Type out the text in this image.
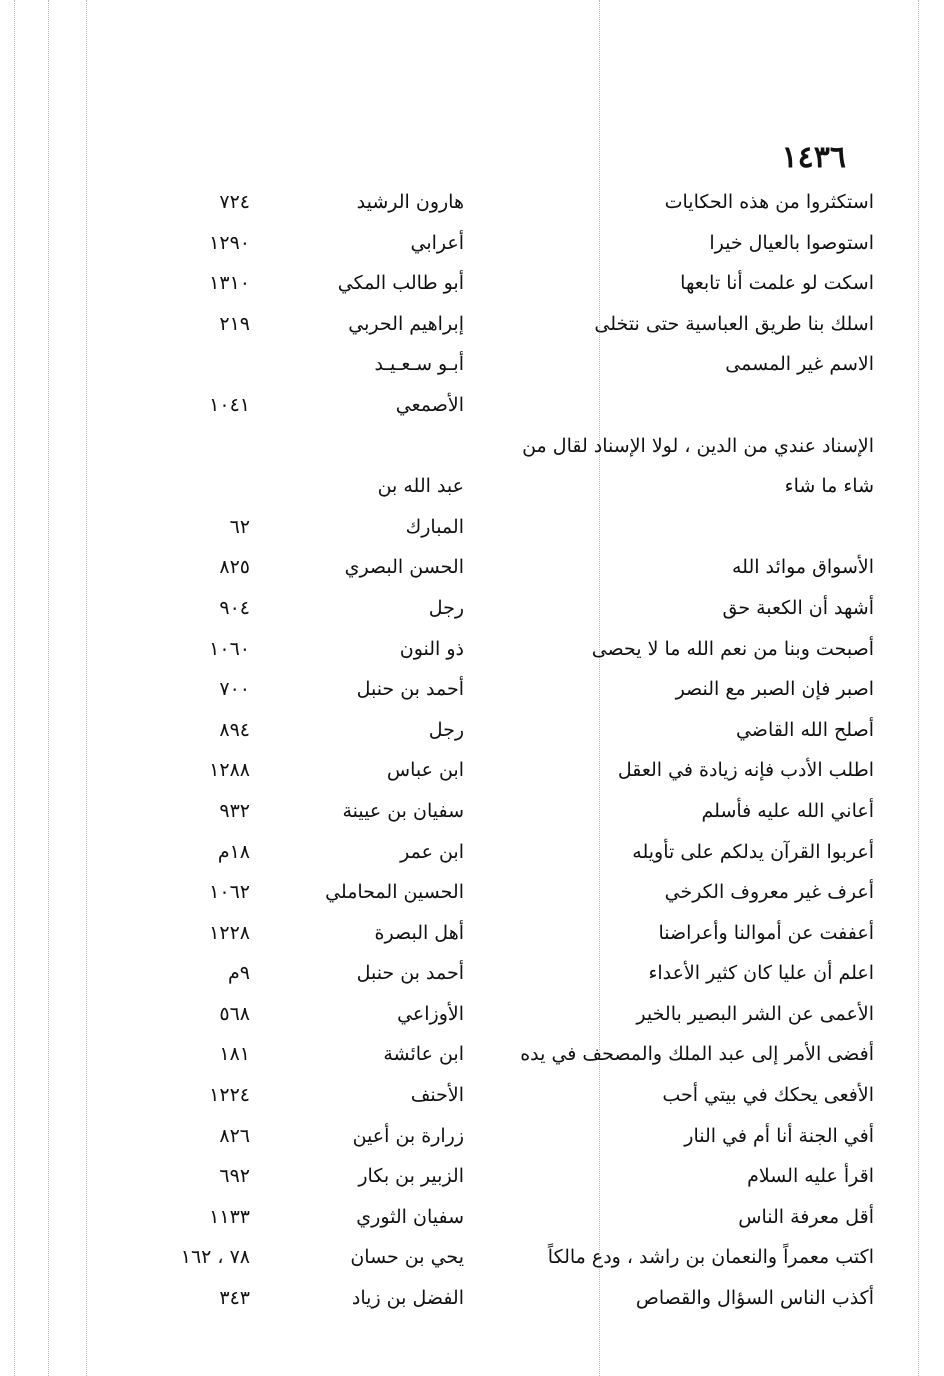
١٤٣٦
استكثروا من هذه الحكايات
هارون الرشيد
٧٢٤
استوصوا بالعيال خيرا
أعرابي
١٢٩٠
اسكت لو علمت أنا تابعها
أبو طالب المكي
١٣١٠
اسلك بنا طريق العباسية حتى نتخلى
إبراهيم الحربي
٢١٩
الاسم غير المسمى
أبـو سـعـيـد
الأصمعي
١٠٤١
الإسناد عندي من الدين ، لولا الإسناد لقال من
شاء ما شاء
عبد الله بن
المبارك
٦٢
الأسواق موائد الله
الحسن البصري
٨٢٥
أشهد أن الكعبة حق
رجل
٩٠٤
أصبحت وبنا من نعم الله ما لا يحصى
ذو النون
١٠٦٠
اصبر فإن الصبر مع النصر
أحمد بن حنبل
٧٠٠
أصلح الله القاضي
رجل
٨٩٤
اطلب الأدب فإنه زيادة في العقل
ابن عباس
١٢٨٨
أعاني الله عليه فأسلم
سفيان بن عيينة
٩٣٢
أعربوا القرآن يدلكم على تأويله
ابن عمر
١٨م
أعرف غير معروف الكرخي
الحسين المحاملي
١٠٦٢
أعففت عن أموالنا وأعراضنا
أهل البصرة
١٢٢٨
اعلم أن عليا كان كثير الأعداء
أحمد بن حنبل
٩م
الأعمى عن الشر البصير بالخير
الأوزاعي
٥٦٨
أفضى الأمر إلى عبد الملك والمصحف في يده
ابن عائشة
١٨١
الأفعى يحكك في بيتي أحب
الأحنف
١٢٢٤
أفي الجنة أنا أم في النار
زرارة بن أعين
٨٢٦
اقرأ عليه السلام
الزبير بن بكار
٦٩٢
أقل معرفة الناس
سفيان الثوري
١١٣٣
اكتب معمراً والنعمان بن راشد ، ودع مالكاً
يحي بن حسان
٧٨ ، ١٦٢
أكذب الناس السؤال والقصاص
الفضل بن زياد
٣٤٣
